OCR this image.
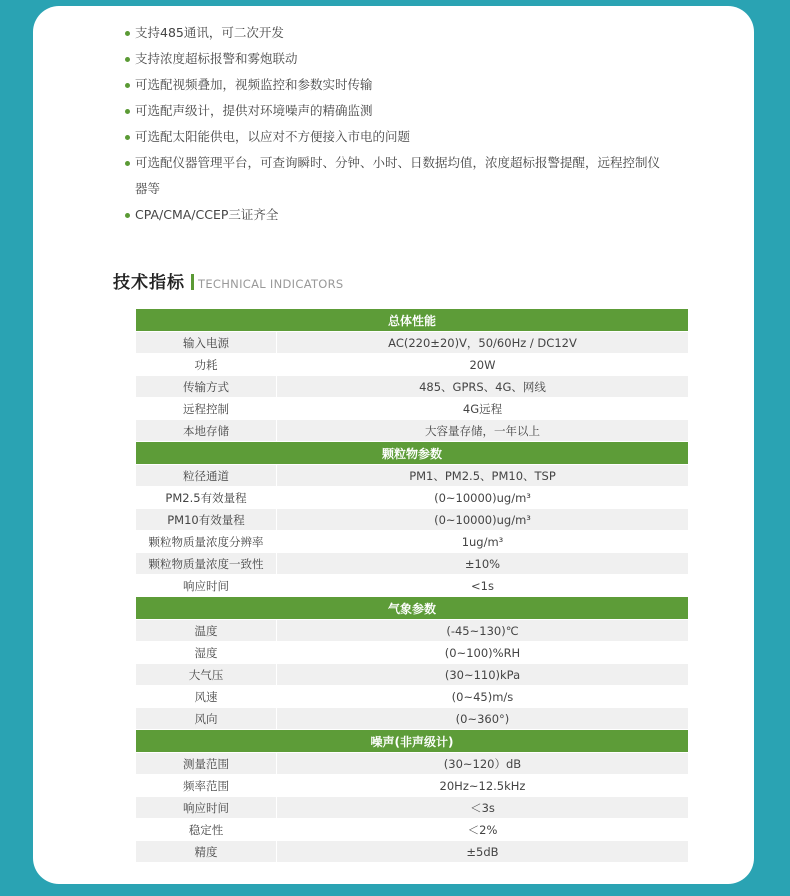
支持485通讯，可二次开发
支持浓度超标报警和雾炮联动
可选配视频叠加，视频监控和参数实时传输
可选配声级计，提供对环境噪声的精确监测
可选配太阳能供电，以应对不方便接入市电的问题
可选配仪器管理平台，可查询瞬时、分钟、小时、日数据均值，浓度超标报警提醒，远程控制仪
器等
CPA/CMA/CCEP三证齐全
技术指标 TECHNICAL INDICATORS
总体性能	
输入电源	AC(220±20)V，50/60Hz / DC12V
功耗	20W
传输方式	485、GPRS、4G、网线
远程控制	4G远程
本地存储	大容量存储，一年以上
颗粒物参数	
粒径通道	PM1、PM2.5、PM10、TSP
PM2.5有效量程	(0~10000)ug/m³
PM10有效量程	(0~10000)ug/m³
颗粒物质量浓度分辨率	1ug/m³
颗粒物质量浓度一致性	±10%
响应时间	<1s
气象参数	
温度	(-45~130)℃
湿度	(0~100)%RH
大气压	(30~110)kPa
风速	(0~45)m/s
风向	(0~360°)
噪声(非声级计)	
测量范围	(30~120）dB
频率范围	20Hz~12.5kHz
响应时间	＜3s
稳定性	＜2%
精度	±5dB
